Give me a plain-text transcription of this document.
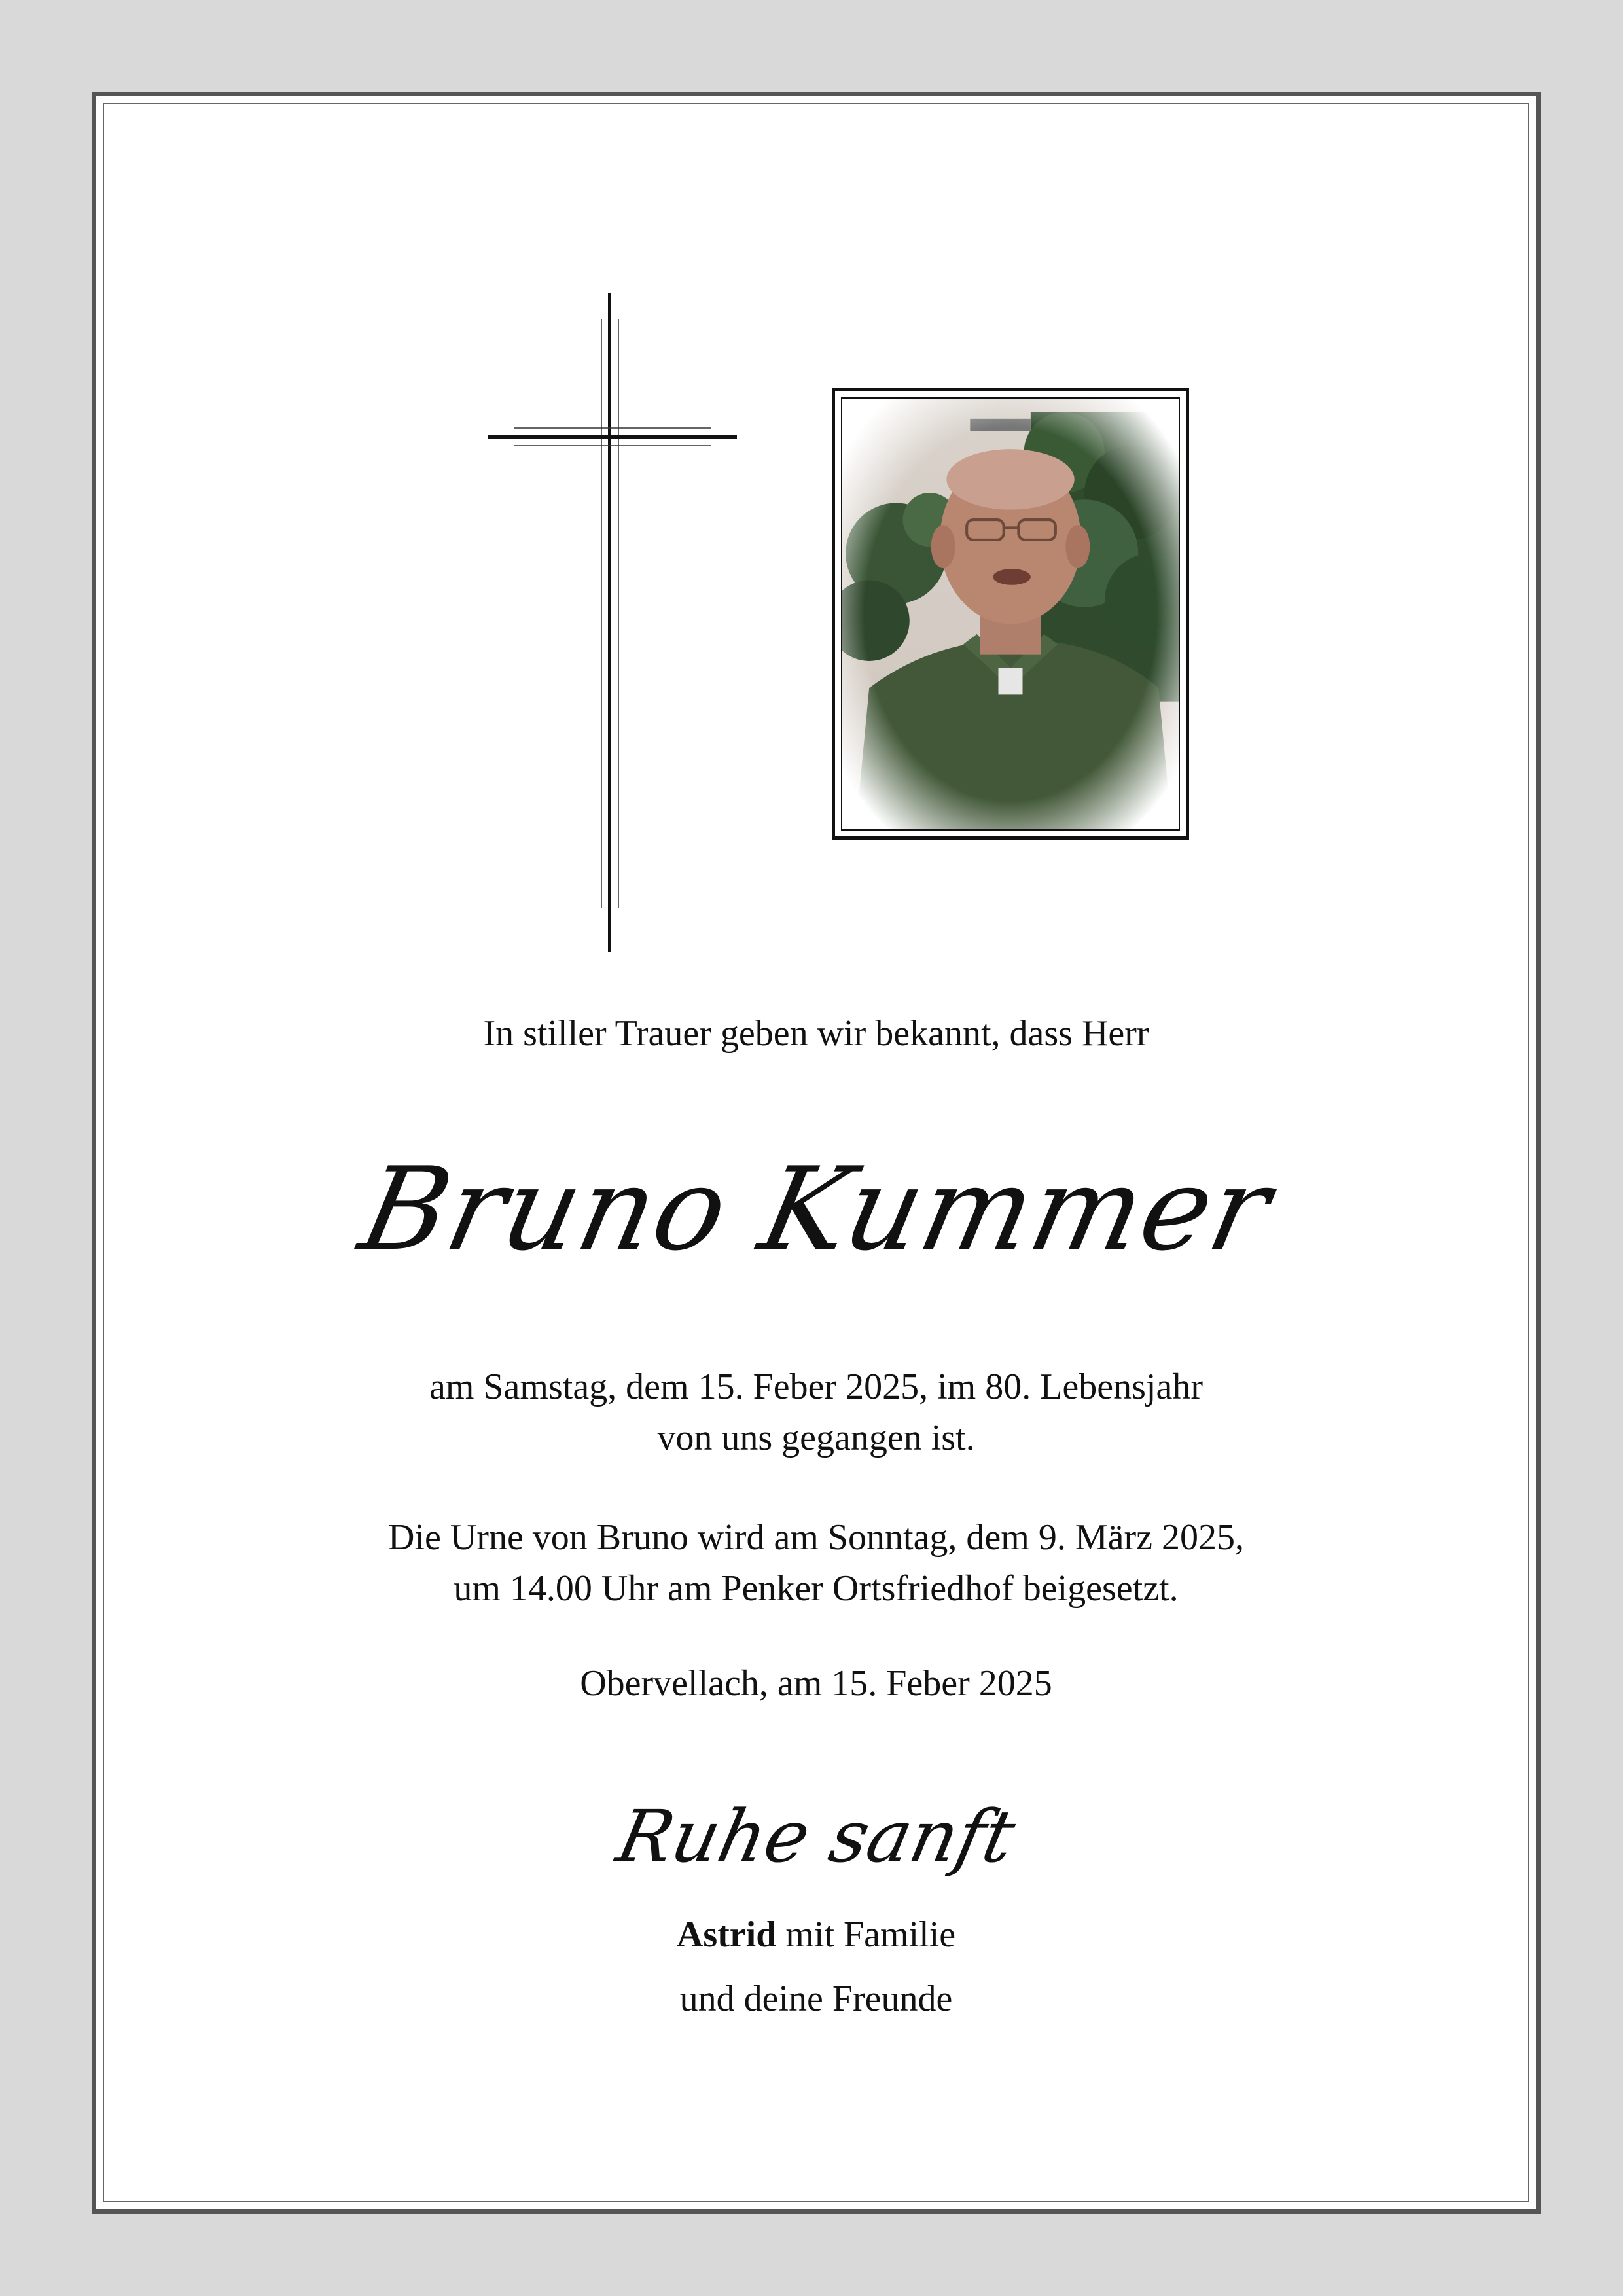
In stiller Trauer geben wir bekannt, dass Herr
Bruno Kummer
am Samstag, dem 15. Feber 2025, im 80. Lebensjahr
von uns gegangen ist.
Die Urne von Bruno wird am Sonntag, dem 9. März 2025,
um 14.00 Uhr am Penker Ortsfriedhof beigesetzt.
Obervellach, am 15. Feber 2025
Ruhe sanft
Astrid mit Familie
und deine Freunde
